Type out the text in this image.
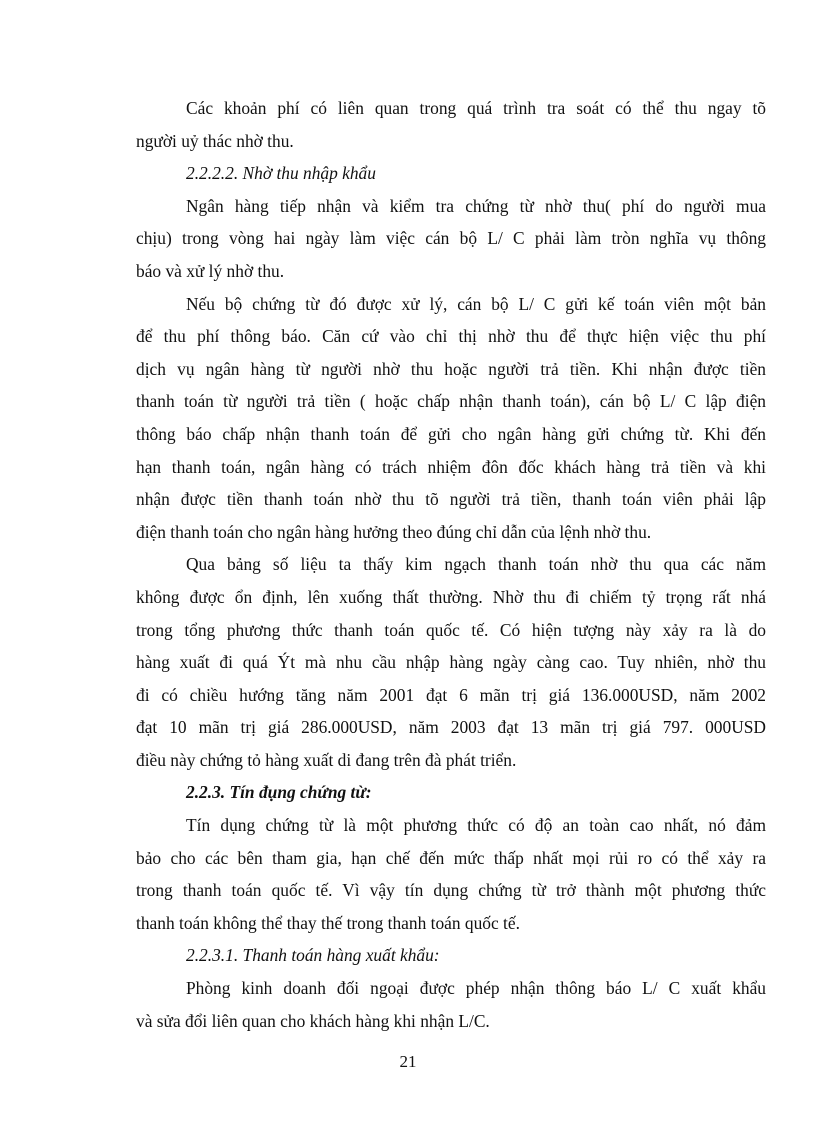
Các khoản phí có liên quan trong quá trình tra soát có thể thu ngay tõ
người uỷ thác nhờ thu.

2.2.2.2. Nhờ thu nhập khẩu

Ngân hàng tiếp nhận và kiểm tra chứng từ nhờ thu( phí do người mua
chịu) trong vòng hai ngày làm việc cán bộ L/ C phải làm tròn nghĩa vụ thông
báo và xử lý nhờ thu.

Nếu bộ chứng từ đó được xử lý, cán bộ L/ C gửi kế toán viên một bản
để thu phí thông báo. Căn cứ vào chỉ thị nhờ thu để thực hiện việc thu phí
dịch vụ ngân hàng từ người nhờ thu hoặc người trả tiền. Khi nhận được tiền
thanh toán từ người trả tiền ( hoặc chấp nhận thanh toán), cán bộ L/ C lập điện
thông báo chấp nhận thanh toán để gửi cho ngân hàng gửi chứng từ. Khi đến
hạn thanh toán, ngân hàng có trách nhiệm đôn đốc khách hàng trả tiền và khi
nhận được tiền thanh toán nhờ thu tõ người trả tiền, thanh toán viên phải lập
điện thanh toán cho ngân hàng hưởng theo đúng chỉ dẫn của lệnh nhờ thu.

Qua bảng số liệu ta thấy kim ngạch thanh toán nhờ thu qua các năm
không được ổn định, lên xuống thất thường. Nhờ thu đi chiếm tỷ trọng rất nhá
trong tổng phương thức thanh toán quốc tế. Có hiện tượng này xảy ra là do
hàng xuất đi quá Ýt mà nhu cầu nhập hàng ngày càng cao. Tuy nhiên, nhờ thu
đi có chiều hướng tăng năm 2001 đạt 6 mãn trị giá 136.000USD, năm 2002
đạt 10 mãn trị giá 286.000USD, năm 2003 đạt 13 mãn trị giá 797. 000USD
điều này chứng tỏ hàng xuất di đang trên đà phát triển.

2.2.3. Tín đụng chứng từ:

Tín dụng chứng từ là một phương thức có độ an toàn cao nhất, nó đảm
bảo cho các bên tham gia, hạn chế đến mức thấp nhất mọi rủi ro có thể xảy ra
trong thanh toán quốc tế. Vì vậy tín dụng chứng từ trở thành một phương thức
thanh toán không thể thay thế trong thanh toán quốc tế.

2.2.3.1. Thanh toán hàng xuất khẩu:

Phòng kinh doanh đối ngoại được phép nhận thông báo L/ C xuất khẩu
và sửa đổi liên quan cho khách hàng khi nhận L/C.

21
